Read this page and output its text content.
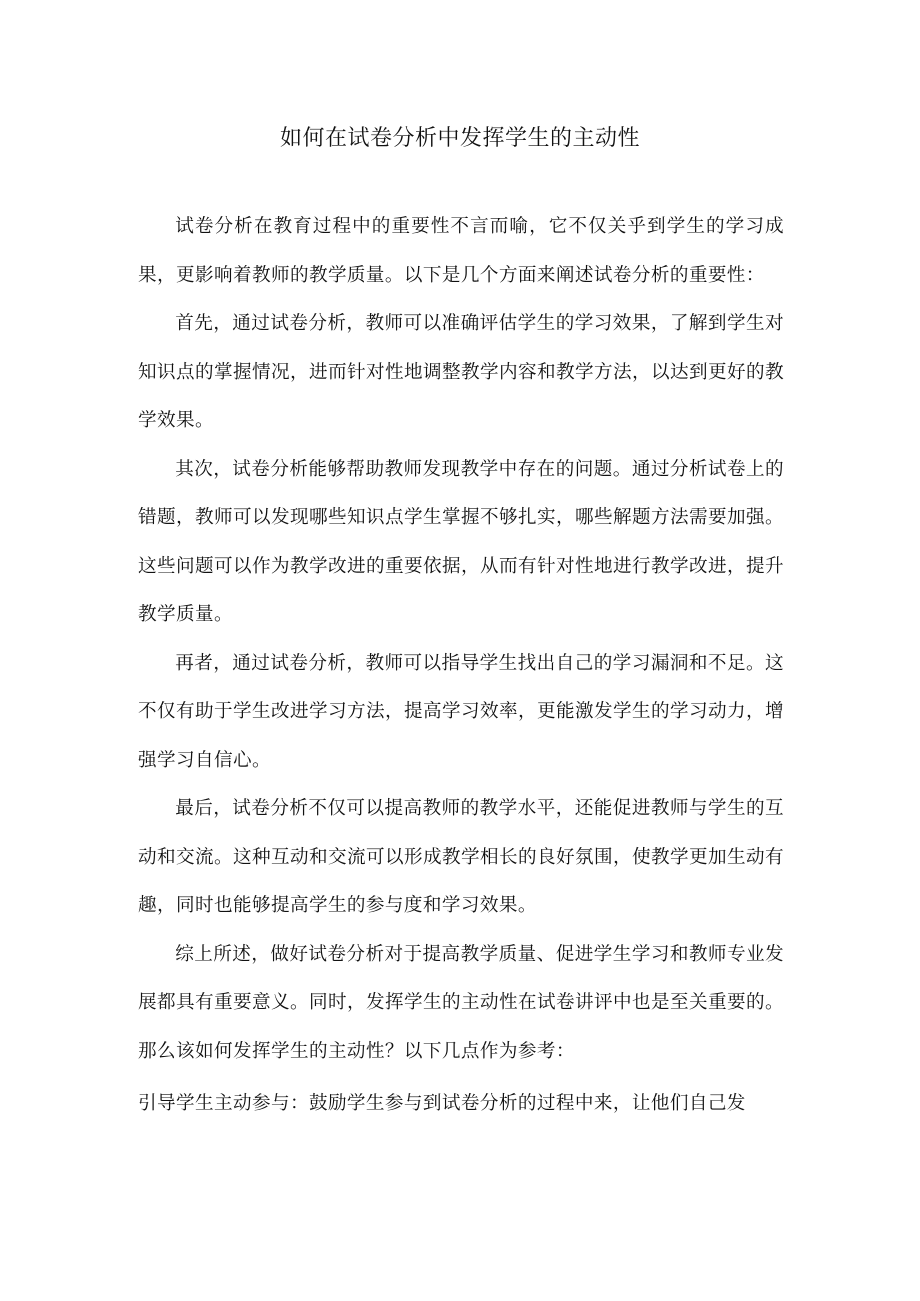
如何在试卷分析中发挥学生的主动性

试卷分析在教育过程中的重要性不言而喻，它不仅关乎到学生的学习成果，更影响着教师的教学质量。以下是几个方面来阐述试卷分析的重要性：

首先，通过试卷分析，教师可以准确评估学生的学习效果，了解到学生对知识点的掌握情况，进而针对性地调整教学内容和教学方法，以达到更好的教学效果。

其次，试卷分析能够帮助教师发现教学中存在的问题。通过分析试卷上的错题，教师可以发现哪些知识点学生掌握不够扎实，哪些解题方法需要加强。这些问题可以作为教学改进的重要依据，从而有针对性地进行教学改进，提升教学质量。

再者，通过试卷分析，教师可以指导学生找出自己的学习漏洞和不足。这不仅有助于学生改进学习方法，提高学习效率，更能激发学生的学习动力，增强学习自信心。

最后，试卷分析不仅可以提高教师的教学水平，还能促进教师与学生的互动和交流。这种互动和交流可以形成教学相长的良好氛围，使教学更加生动有趣，同时也能够提高学生的参与度和学习效果。

综上所述，做好试卷分析对于提高教学质量、促进学生学习和教师专业发展都具有重要意义。同时，发挥学生的主动性在试卷讲评中也是至关重要的。那么该如何发挥学生的主动性？以下几点作为参考：

引导学生主动参与：鼓励学生参与到试卷分析的过程中来，让他们自己发
